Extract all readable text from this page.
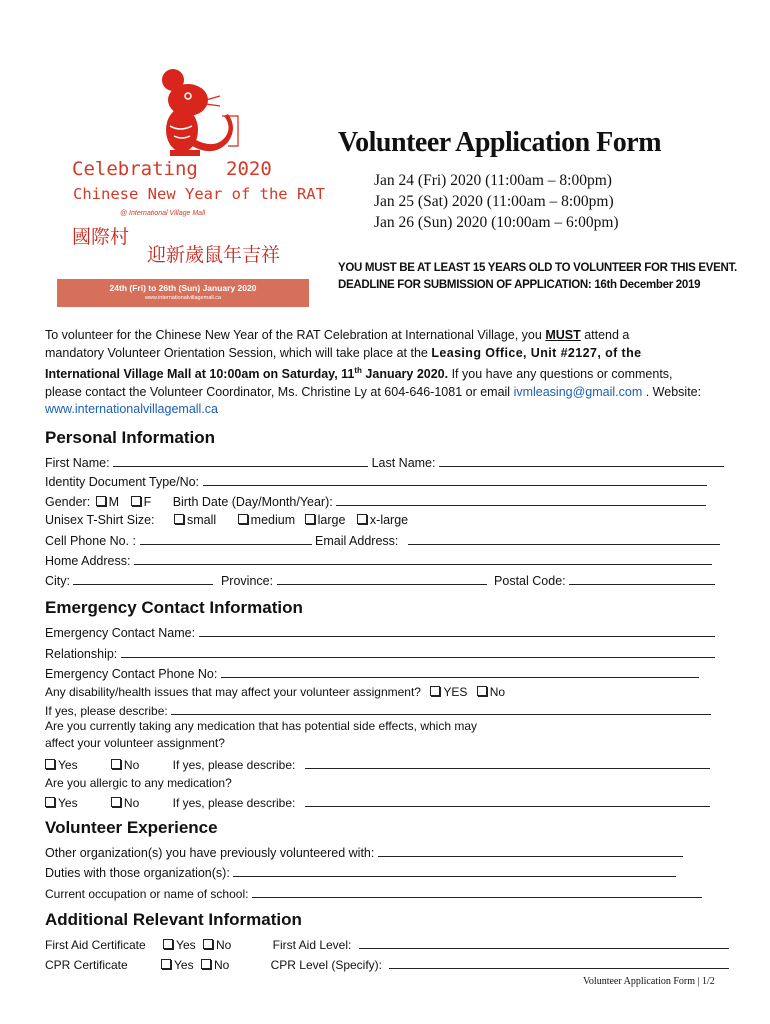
Celebrating 2020
Chinese New Year of the RAT
@ International Village Mall
國際村
迎新歲鼠年吉祥
24th (Fri) to 26th (Sun) January 2020
www.internationalvillagemall.ca
Volunteer Application Form
Jan 24 (Fri) 2020 (11:00am – 8:00pm)
Jan 25 (Sat) 2020 (11:00am – 8:00pm)
Jan 26 (Sun) 2020 (10:00am – 6:00pm)
YOU MUST BE AT LEAST 15 YEARS OLD TO VOLUNTEER FOR THIS EVENT.
DEADLINE FOR SUBMISSION OF APPLICATION: 16th December 2019
To volunteer for the Chinese New Year of the RAT Celebration at International Village, you MUST attend a
mandatory Volunteer Orientation Session, which will take place at the Leasing Office, Unit #2127, of the
International Village Mall at 10:00am on Saturday, 11th January 2020. If you have any questions or comments,
please contact the Volunteer Coordinator, Ms. Christine Ly at 604-646-1081 or email ivmleasing@gmail.com . Website:
www.internationalvillagemall.ca
Personal Information
First Name:	Last Name:
Identity Document Type/No:
Gender: M F Birth Date (Day/Month/Year):
Unisex T-Shirt Size:	small	medium large x-large
Cell Phone No. :	Email Address:
Home Address:
City:	Province:	Postal Code:
Emergency Contact Information
Emergency Contact Name:
Relationship:
Emergency Contact Phone No:
Any disability/health issues that may affect your volunteer assignment? YES No
If yes, please describe:
Are you currently taking any medication that has potential side effects, which may
affect your volunteer assignment?
Yes	No	If yes, please describe:
Are you allergic to any medication?
Yes	No	If yes, please describe:
Volunteer Experience
Other organization(s) you have previously volunteered with:
Duties with those organization(s):
Current occupation or name of school:
Additional Relevant Information
First Aid Certificate	Yes No	First Aid Level:
CPR Certificate	Yes No	CPR Level (Specify):
Volunteer Application Form | 1/2
